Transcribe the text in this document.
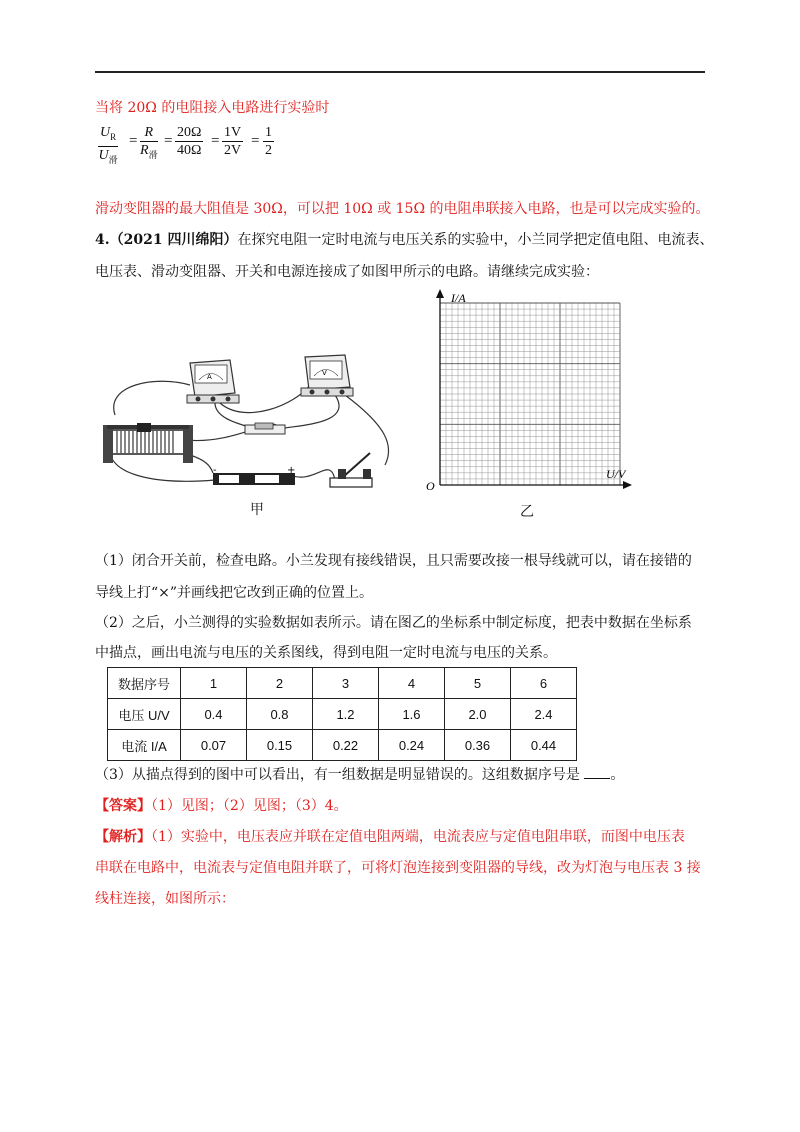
当将 20Ω 的电阻接入电路进行实验时
$U_R$
$U_滑$
=
R
$R_滑$
= $\frac{20\Omega}{40\Omega} = \frac{1V}{2V} = \frac{1}{2}$
滑动变阻器的最大阻值是 30Ω，可以把 10Ω 或 15Ω 的电阻串联接入电路，也是可以完成实验的。
4.（2021 四川绵阳）在探究电阻一定时电流与电压关系的实验中，小兰同学把定值电阻、电流表、
电压表、滑动变阻器、开关和电源连接成了如图甲所示的电路。请继续完成实验：
A	V
-	+
甲
I/A
U/V
O
乙
（1）闭合开关前，检查电路。小兰发现有接线错误，且只需要改接一根导线就可以，请在接错的
导线上打“×”并画线把它改到正确的位置上。
（2）之后，小兰测得的实验数据如表所示。请在图乙的坐标系中制定标度，把表中数据在坐标系
中描点，画出电流与电压的关系图线，得到电阻一定时电流与电压的关系。
数据序号	1	2	3	4	5	6
电压 U/V	0.4	0.8	1.2	1.6	2.0	2.4
电流 I/A	0.07	0.15	0.22	0.24	0.36	0.44
（3）从描点得到的图中可以看出，有一组数据是明显错误的。这组数据序号是 。
【答案】（1）见图；（2）见图；（3）4。
【解析】（1）实验中，电压表应并联在定值电阻两端，电流表应与定值电阻串联，而图中电压表
串联在电路中，电流表与定值电阻并联了，可将灯泡连接到变阻器的导线，改为灯泡与电压表 3 接
线柱连接，如图所示：
